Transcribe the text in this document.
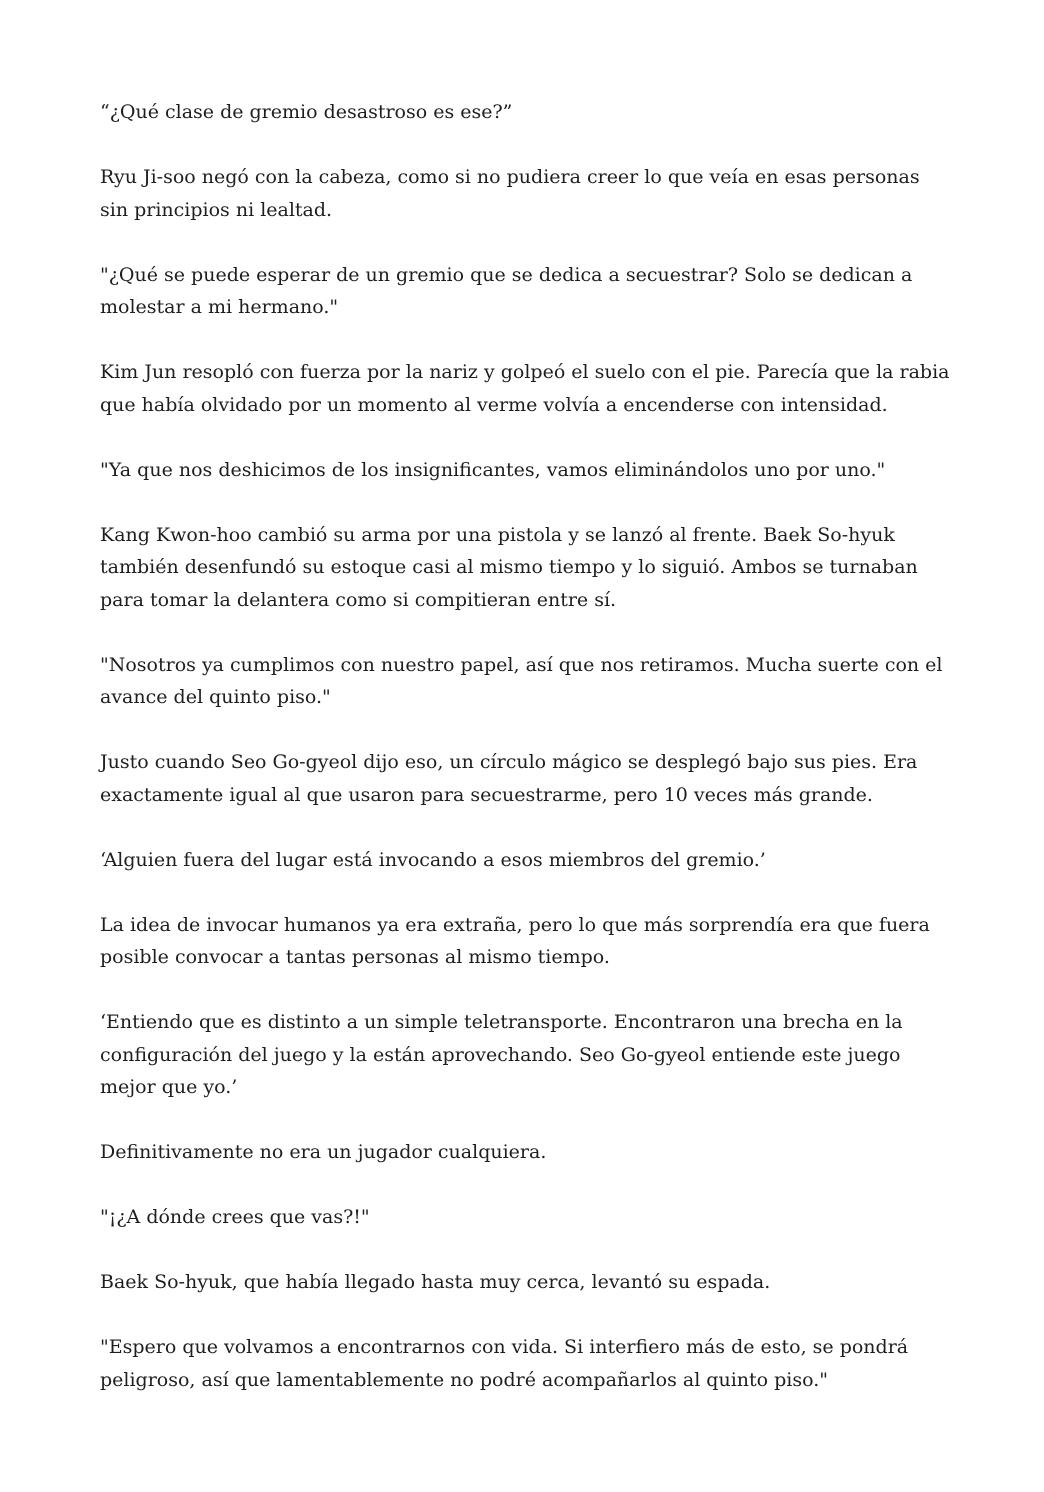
“¿Qué clase de gremio desastroso es ese?”

Ryu Ji-soo negó con la cabeza, como si no pudiera creer lo que veía en esas personas sin principios ni lealtad.

"¿Qué se puede esperar de un gremio que se dedica a secuestrar? Solo se dedican a molestar a mi hermano."

Kim Jun resopló con fuerza por la nariz y golpeó el suelo con el pie. Parecía que la rabia que había olvidado por un momento al verme volvía a encenderse con intensidad.

"Ya que nos deshicimos de los insignificantes, vamos eliminándolos uno por uno."

Kang Kwon-hoo cambió su arma por una pistola y se lanzó al frente. Baek So-hyuk también desenfundó su estoque casi al mismo tiempo y lo siguió. Ambos se turnaban para tomar la delantera como si compitieran entre sí.

"Nosotros ya cumplimos con nuestro papel, así que nos retiramos. Mucha suerte con el avance del quinto piso."

Justo cuando Seo Go-gyeol dijo eso, un círculo mágico se desplegó bajo sus pies. Era exactamente igual al que usaron para secuestrarme, pero 10 veces más grande.

‘Alguien fuera del lugar está invocando a esos miembros del gremio.’

La idea de invocar humanos ya era extraña, pero lo que más sorprendía era que fuera posible convocar a tantas personas al mismo tiempo.

‘Entiendo que es distinto a un simple teletransporte. Encontraron una brecha en la configuración del juego y la están aprovechando. Seo Go-gyeol entiende este juego mejor que yo.’

Definitivamente no era un jugador cualquiera.

"¡¿A dónde crees que vas?!"

Baek So-hyuk, que había llegado hasta muy cerca, levantó su espada.

"Espero que volvamos a encontrarnos con vida. Si interfiero más de esto, se pondrá peligroso, así que lamentablemente no podré acompañarlos al quinto piso."
